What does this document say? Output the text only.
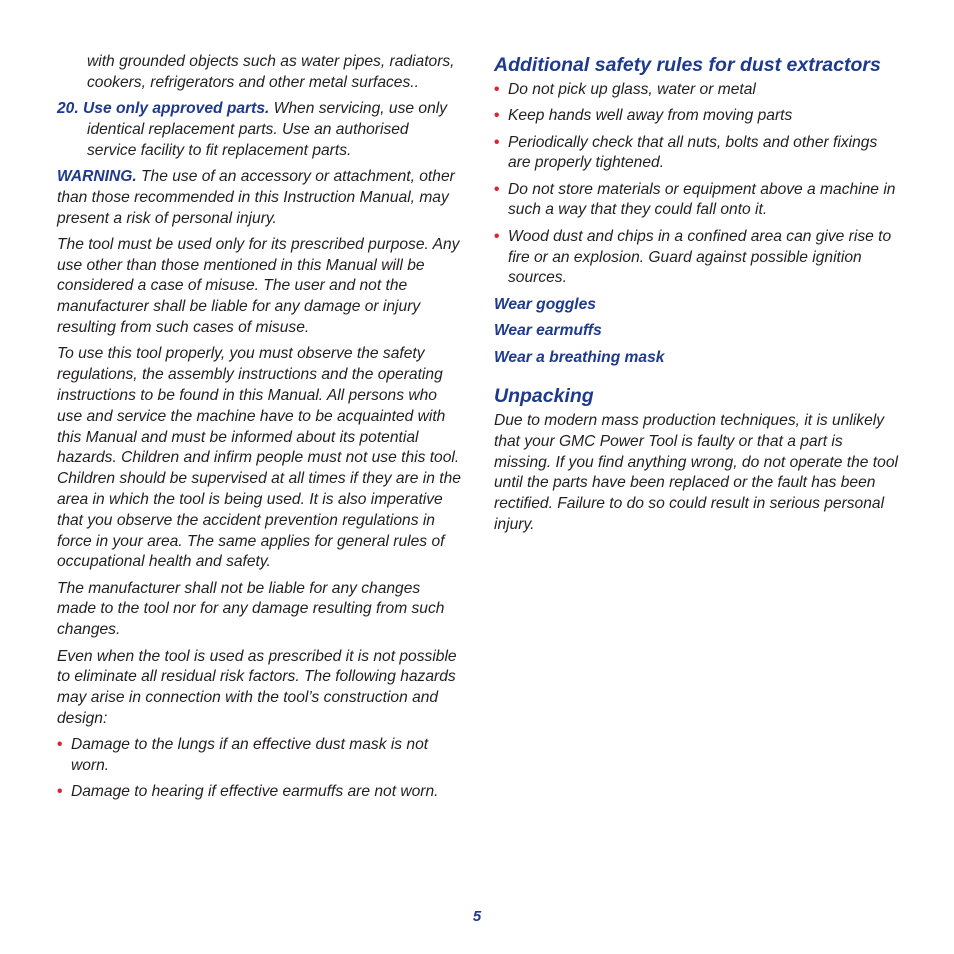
with grounded objects such as water pipes, radiators, cookers, refrigerators and other metal surfaces..

20. Use only approved parts. When servicing, use only identical replacement parts. Use an authorised service facility to fit replacement parts.

WARNING. The use of an accessory or attachment, other than those recommended in this Instruction Manual, may present a risk of personal injury.

The tool must be used only for its prescribed purpose. Any use other than those mentioned in this Manual will be considered a case of misuse. The user and not the manufacturer shall be liable for any damage or injury resulting from such cases of misuse.

To use this tool properly, you must observe the safety regulations, the assembly instructions and the operating instructions to be found in this Manual. All persons who use and service the machine have to be acquainted with this Manual and must be informed about its potential hazards. Children and infirm people must not use this tool. Children should be supervised at all times if they are in the area in which the tool is being used. It is also imperative that you observe the accident prevention regulations in force in your area. The same applies for general rules of occupational health and safety.

The manufacturer shall not be liable for any changes made to the tool nor for any damage resulting from such changes.

Even when the tool is used as prescribed it is not possible to eliminate all residual risk factors. The following hazards may arise in connection with the tool’s construction and design:

• Damage to the lungs if an effective dust mask is not worn.
• Damage to hearing if effective earmuffs are not worn.
Additional safety rules for dust extractors
• Do not pick up glass, water or metal
• Keep hands well away from moving parts
• Periodically check that all nuts, bolts and other fixings are properly tightened.
• Do not store materials or equipment above a machine in such a way that they could fall onto it.
• Wood dust and chips in a confined area can give rise to fire or an explosion. Guard against possible ignition sources.

Wear goggles

Wear earmuffs

Wear a breathing mask

Unpacking

Due to modern mass production techniques, it is unlikely that your GMC Power Tool is faulty or that a part is missing. If you find anything wrong, do not operate the tool until the parts have been replaced or the fault has been rectified. Failure to do so could result in serious personal injury.

5
